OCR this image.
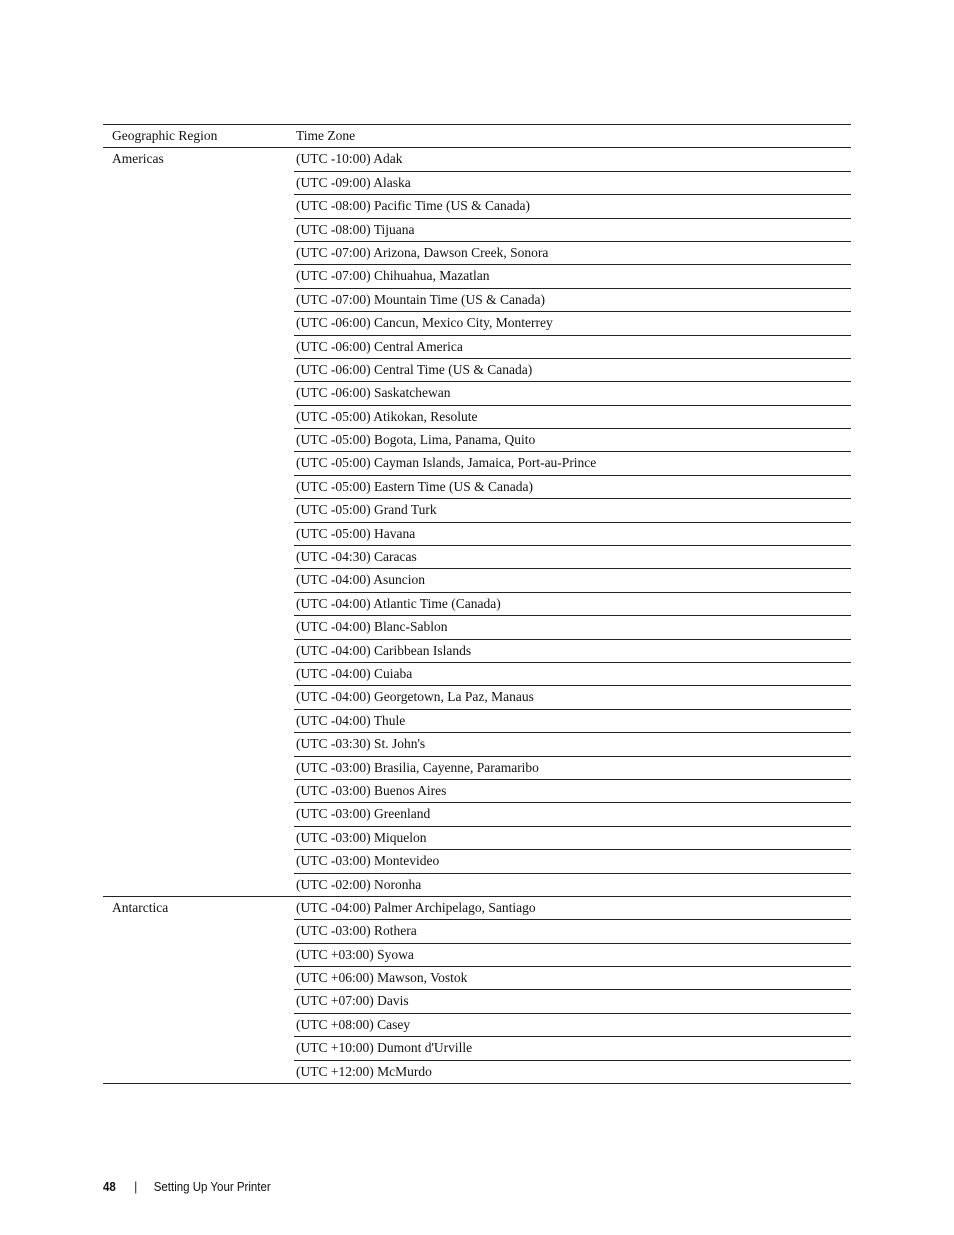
Geographic Region	Time Zone
Americas	(UTC -10:00) Adak
	(UTC -09:00) Alaska
	(UTC -08:00) Pacific Time (US & Canada)
	(UTC -08:00) Tijuana
	(UTC -07:00) Arizona, Dawson Creek, Sonora
	(UTC -07:00) Chihuahua, Mazatlan
	(UTC -07:00) Mountain Time (US & Canada)
	(UTC -06:00) Cancun, Mexico City, Monterrey
	(UTC -06:00) Central America
	(UTC -06:00) Central Time (US & Canada)
	(UTC -06:00) Saskatchewan
	(UTC -05:00) Atikokan, Resolute
	(UTC -05:00) Bogota, Lima, Panama, Quito
	(UTC -05:00) Cayman Islands, Jamaica, Port-au-Prince
	(UTC -05:00) Eastern Time (US & Canada)
	(UTC -05:00) Grand Turk
	(UTC -05:00) Havana
	(UTC -04:30) Caracas
	(UTC -04:00) Asuncion
	(UTC -04:00) Atlantic Time (Canada)
	(UTC -04:00) Blanc-Sablon
	(UTC -04:00) Caribbean Islands
	(UTC -04:00) Cuiaba
	(UTC -04:00) Georgetown, La Paz, Manaus
	(UTC -04:00) Thule
	(UTC -03:30) St. John's
	(UTC -03:00) Brasilia, Cayenne, Paramaribo
	(UTC -03:00) Buenos Aires
	(UTC -03:00) Greenland
	(UTC -03:00) Miquelon
	(UTC -03:00) Montevideo
	(UTC -02:00) Noronha
Antarctica	(UTC -04:00) Palmer Archipelago, Santiago
	(UTC -03:00) Rothera
	(UTC +03:00) Syowa
	(UTC +06:00) Mawson, Vostok
	(UTC +07:00) Davis
	(UTC +08:00) Casey
	(UTC +10:00) Dumont d'Urville
	(UTC +12:00) McMurdo
48 | Setting Up Your Printer
